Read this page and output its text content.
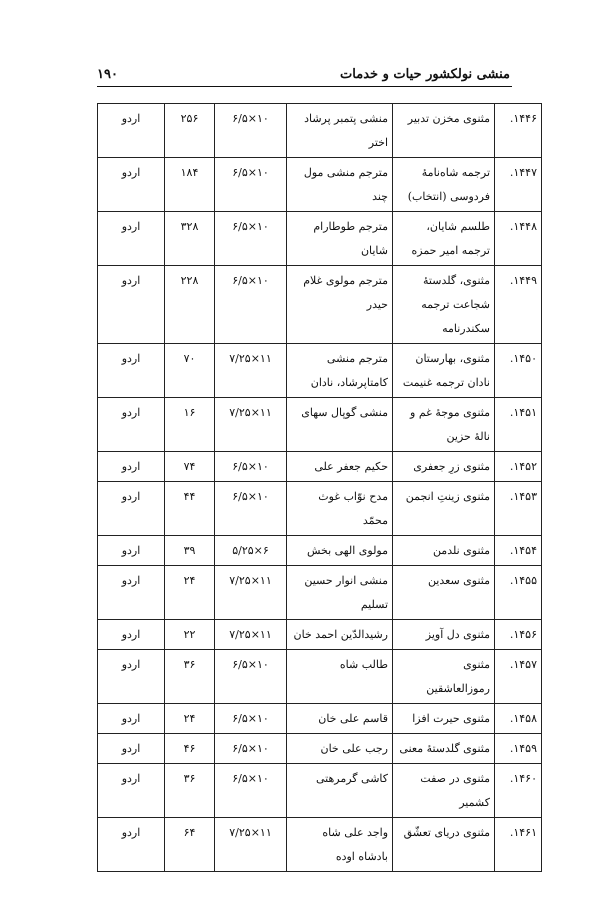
منشی نولکشور حیات و خدمات
۱۹۰
۱۴۴۶.	مثنوی مخزن تدبیر	منشی پتمبر پرشاد اختر	۱۰×۶/۵	۲۵۶	اردو
۱۴۴۷.	ترجمه شاه‌نامهٔ فردوسی (انتخاب)	مترجم منشی مول چند	۱۰×۶/۵	۱۸۴	اردو
۱۴۴۸.	طلسم شایان، ترجمه امیر حمزه	مترجم طوطارام شایان	۱۰×۶/۵	۳۲۸	اردو
۱۴۴۹.	مثنوی، گلدستهٔ شجاعت ترجمه سکندرنامه	مترجم مولوی غلام حیدر	۱۰×۶/۵	۲۲۸	اردو
۱۴۵۰.	مثنوی، بهارستان نادان ترجمه غنیمت	مترجم منشی کامتاپرشاد، نادان	۱۱×۷/۲۵	۷۰	اردو
۱۴۵۱.	مثنوی موجهٔ غم و نالهٔ حزین	منشی گوپال سهای	۱۱×۷/۲۵	۱۶	اردو
۱۴۵۲.	مثنوی زرِ جعفری	حکیم جعفر علی	۱۰×۶/۵	۷۴	اردو
۱۴۵۳.	مثنوی زینتِ انجمن	مدح نوّاب غوث محمّد	۱۰×۶/۵	۴۴	اردو
۱۴۵۴.	مثنوی نلدمن	مولوی الهی بخش	۶×۵/۲۵	۳۹	اردو
۱۴۵۵.	مثنوی سعدین	منشی انوار حسین تسلیم	۱۱×۷/۲۵	۲۴	اردو
۱۴۵۶.	مثنوی دل آویز	رشیدالدّین احمد خان	۱۱×۷/۲۵	۲۲	اردو
۱۴۵۷.	مثنوی رموزالعاشقین	طالب شاه	۱۰×۶/۵	۳۶	اردو
۱۴۵۸.	مثنوی حیرت افزا	قاسم علی خان	۱۰×۶/۵	۲۴	اردو
۱۴۵۹.	مثنوی گلدستهٔ معنی	رجب علی خان	۱۰×۶/۵	۴۶	اردو
۱۴۶۰.	مثنوی در صفت کشمیر	کاشی گرمرهتی	۱۰×۶/۵	۳۶	اردو
۱۴۶۱.	مثنوی دریای تعشّق	واجد علی شاه بادشاه اوده	۱۱×۷/۲۵	۶۴	اردو
